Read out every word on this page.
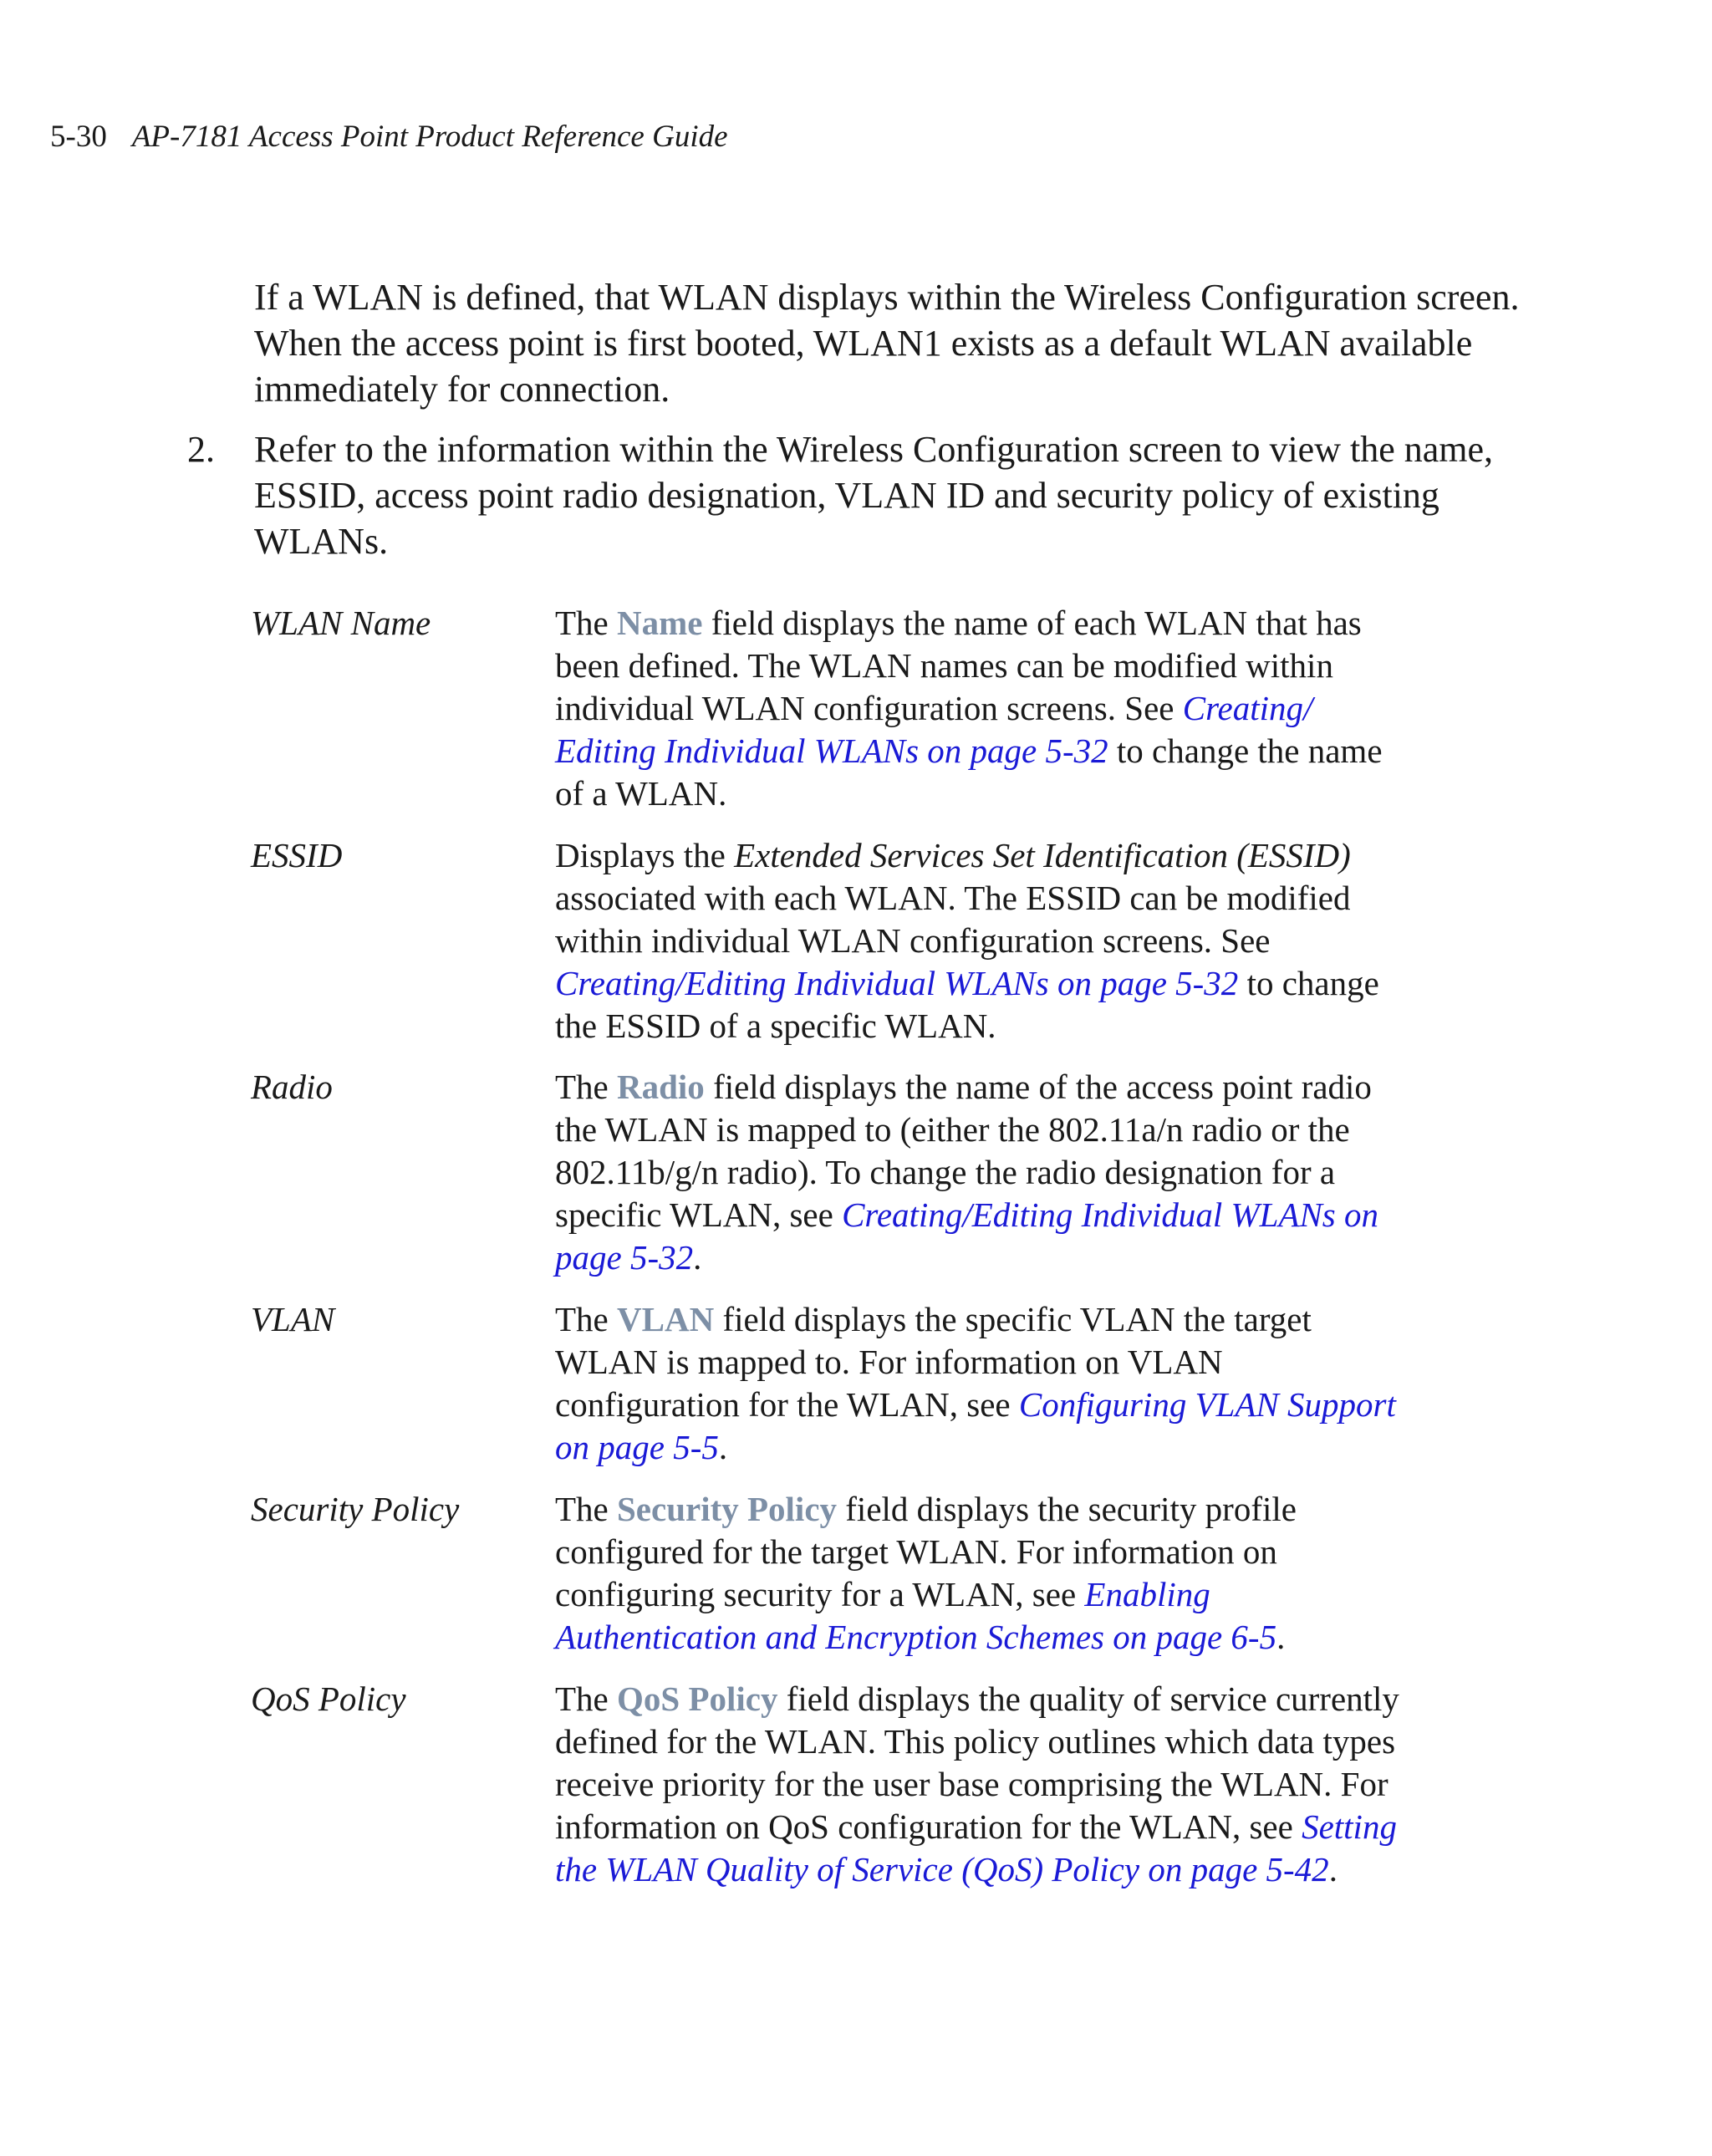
5-30 AP-7181 Access Point Product Reference Guide

If a WLAN is defined, that WLAN displays within the Wireless Configuration screen. When the access point is first booted, WLAN1 exists as a default WLAN available immediately for connection.

2. Refer to the information within the Wireless Configuration screen to view the name, ESSID, access point radio designation, VLAN ID and security policy of existing WLANs.
WLAN Name	The Name field displays the name of each WLAN that has been defined. The WLAN names can be modified within individual WLAN configuration screens. See Creating/ Editing Individual WLANs on page 5-32 to change the name of a WLAN.
ESSID	Displays the Extended Services Set Identification (ESSID) associated with each WLAN. The ESSID can be modified within individual WLAN configuration screens. See Creating/Editing Individual WLANs on page 5-32 to change the ESSID of a specific WLAN.
Radio	The Radio field displays the name of the access point radio the WLAN is mapped to (either the 802.11a/n radio or the 802.11b/g/n radio). To change the radio designation for a specific WLAN, see Creating/Editing Individual WLANs on page 5-32.
VLAN	The VLAN field displays the specific VLAN the target WLAN is mapped to. For information on VLAN configuration for the WLAN, see Configuring VLAN Support on page 5-5.
Security Policy	The Security Policy field displays the security profile configured for the target WLAN. For information on configuring security for a WLAN, see Enabling Authentication and Encryption Schemes on page 6-5.
QoS Policy	The QoS Policy field displays the quality of service currently defined for the WLAN. This policy outlines which data types receive priority for the user base comprising the WLAN. For information on QoS configuration for the WLAN, see Setting the WLAN Quality of Service (QoS) Policy on page 5-42.
